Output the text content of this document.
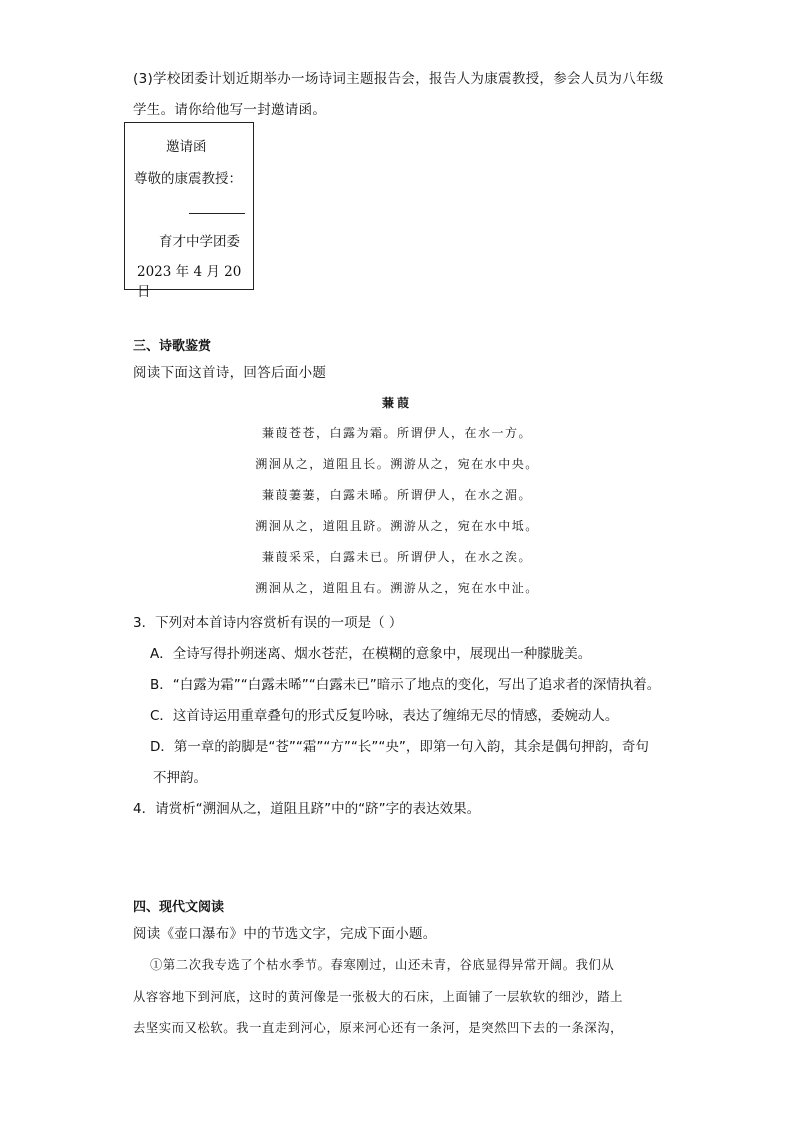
(3)学校团委计划近期举办一场诗词主题报告会，报告人为康震教授，参会人员为八年级
学生。请你给他写一封邀请函。
邀请函
尊敬的康震教授：
育才中学团委
2023 年 4 月 20 日
三、诗歌鉴赏
阅读下面这首诗，回答后面小题
蒹葭
蒹葭苍苍，白露为霜。所谓伊人，在水一方。
溯洄从之，道阻且长。溯游从之，宛在水中央。
蒹葭萋萋，白露未晞。所谓伊人，在水之湄。
溯洄从之，道阻且跻。溯游从之，宛在水中坻。
蒹葭采采，白露未已。所谓伊人，在水之涘。
溯洄从之，道阻且右。溯游从之，宛在水中沚。
3．下列对本首诗内容赏析有误的一项是（ ）
A．全诗写得扑朔迷离、烟水苍茫，在模糊的意象中，展现出一种朦胧美。
B．“白露为霜”“白露未晞”“白露未已”暗示了地点的变化，写出了追求者的深情执着。
C．这首诗运用重章叠句的形式反复吟咏，表达了缠绵无尽的情感，委婉动人。
D．第一章的韵脚是“苍”“霜”“方”“长”“央”，即第一句入韵，其余是偶句押韵，奇句
不押韵。
4．请赏析“溯洄从之，道阻且跻”中的“跻”字的表达效果。
四、现代文阅读
阅读《壶口瀑布》中的节选文字，完成下面小题。
①第二次我专选了个枯水季节。春寒刚过，山还未青，谷底显得异常开阔。我们从
从容容地下到河底，这时的黄河像是一张极大的石床，上面铺了一层软软的细沙，踏上
去坚实而又松软。我一直走到河心，原来河心还有一条河，是突然凹下去的一条深沟，
